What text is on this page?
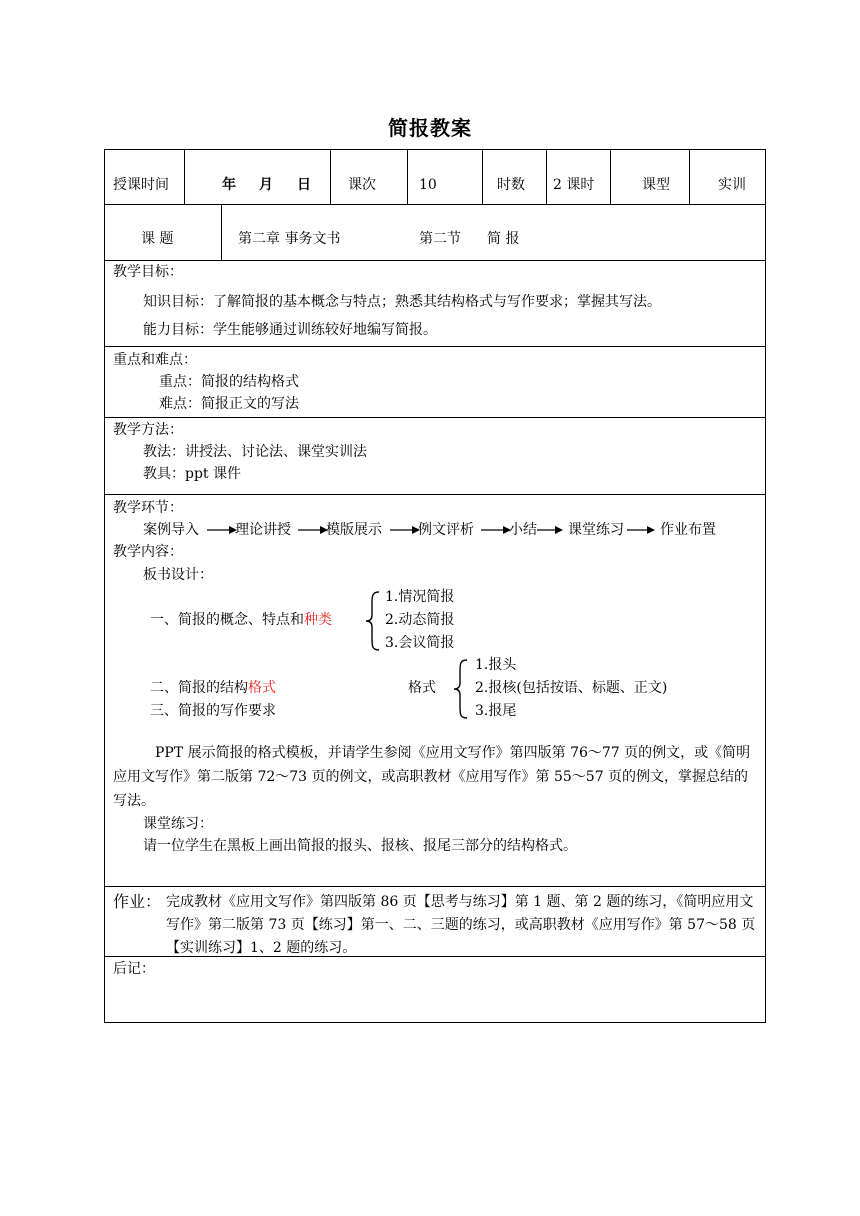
简报教案
授课时间	年 月 日	课次	10	时数 2 课时	课型	实训
课 题	第二章 事务文书	第二节 简 报
教学目标：
知识目标：了解简报的基本概念与特点；熟悉其结构格式与写作要求；掌握其写法。
能力目标：学生能够通过训练较好地编写简报。
重点和难点：
重点：简报的结构格式
难点：简报正文的写法
教学方法：
教法：讲授法、讨论法、课堂实训法
教具：ppt 课件
教学环节：
案例导入	理论讲授	模版展示	例文评析	小结 课堂练习	作业布置
教学内容：
板书设计：
一、简报的概念、特点和种类
1.情况简报
2.动态简报
3.会议简报
二、简报的结构格式	格式
1.报头
2.报核(包括按语、标题、正文)
3.报尾
三、简报的写作要求
PPT 展示简报的格式模板，并请学生参阅《应用文写作》第四版第 76～77 页的例文，或《简明应用文写作》第二版第 72～73 页的例文，或高职教材《应用写作》第 55～57 页的例文，掌握总结的写法。
课堂练习：
请一位学生在黑板上画出简报的报头、报核、报尾三部分的结构格式。
作业： 完成教材《应用文写作》第四版第 86 页【思考与练习】第 1 题、第 2 题的练习，《简明应用文写作》第二版第 73 页【练习】第一、二、三题的练习，或高职教材《应用写作》第 57～58 页【实训练习】1、2 题的练习。
后记：
